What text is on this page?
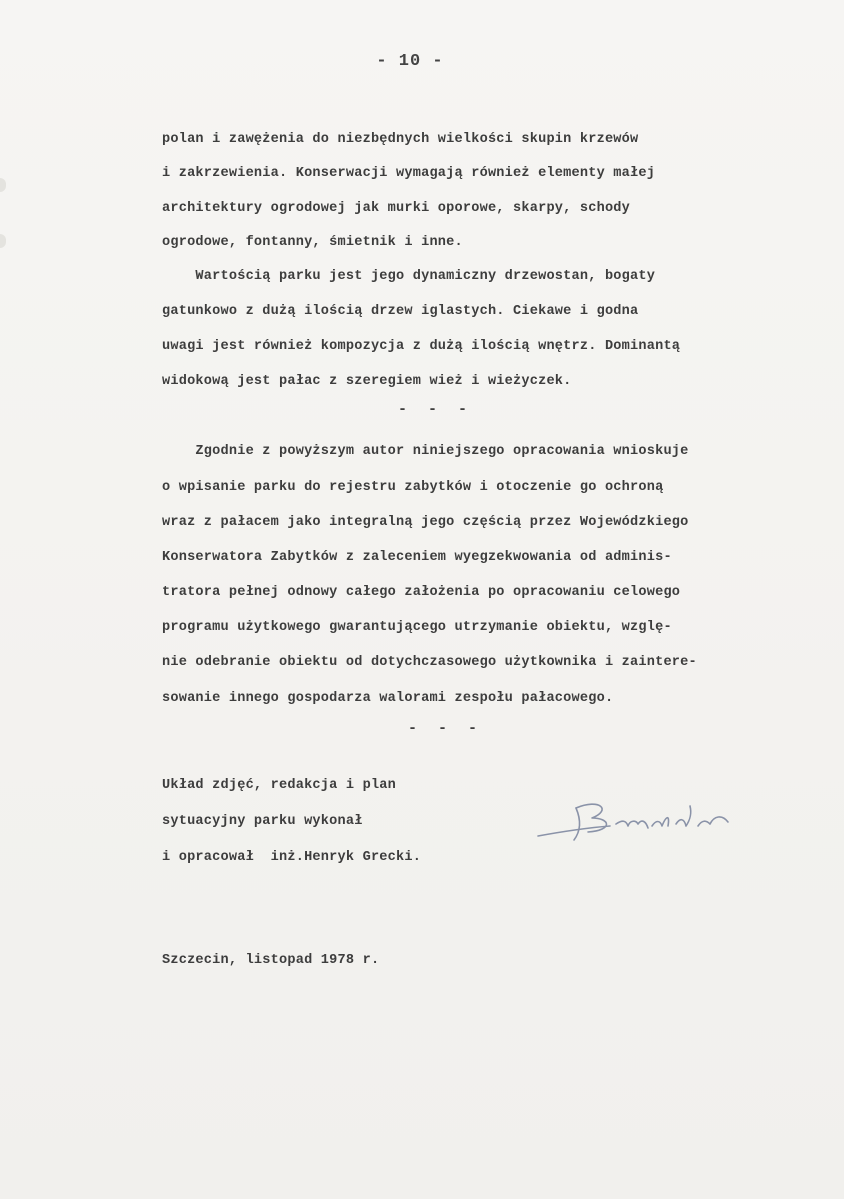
- 10 -
polan i zawężenia do niezbędnych wielkości skupin krzewów
i zakrzewienia. Konserwacji wymagają również elementy małej
architektury ogrodowej jak murki oporowe, skarpy, schody
ogrodowe, fontanny, śmietnik i inne.
Wartością parku jest jego dynamiczny drzewostan, bogaty
gatunkowo z dużą ilością drzew iglastych. Ciekawe i godna
uwagi jest również kompozycja z dużą ilością wnętrz. Dominantą
widokową jest pałac z szeregiem wież i wieżyczek.
- - -
Zgodnie z powyższym autor niniejszego opracowania wnioskuje
o wpisanie parku do rejestru zabytków i otoczenie go ochroną
wraz z pałacem jako integralną jego częścią przez Wojewódzkiego
Konserwatora Zabytków z zaleceniem wyegzekwowania od adminis-
tratora pełnej odnowy całego założenia po opracowaniu celowego
programu użytkowego gwarantującego utrzymanie obiektu, wzglę-
nie odebranie obiektu od dotychczasowego użytkownika i zaintere-
sowanie innego gospodarza walorami zespołu pałacowego.
- - -
Układ zdjęć, redakcja i plan
sytuacyjny parku wykonał
i opracował  inż.Henryk Grecki.
Szczecin, listopad 1978 r.
